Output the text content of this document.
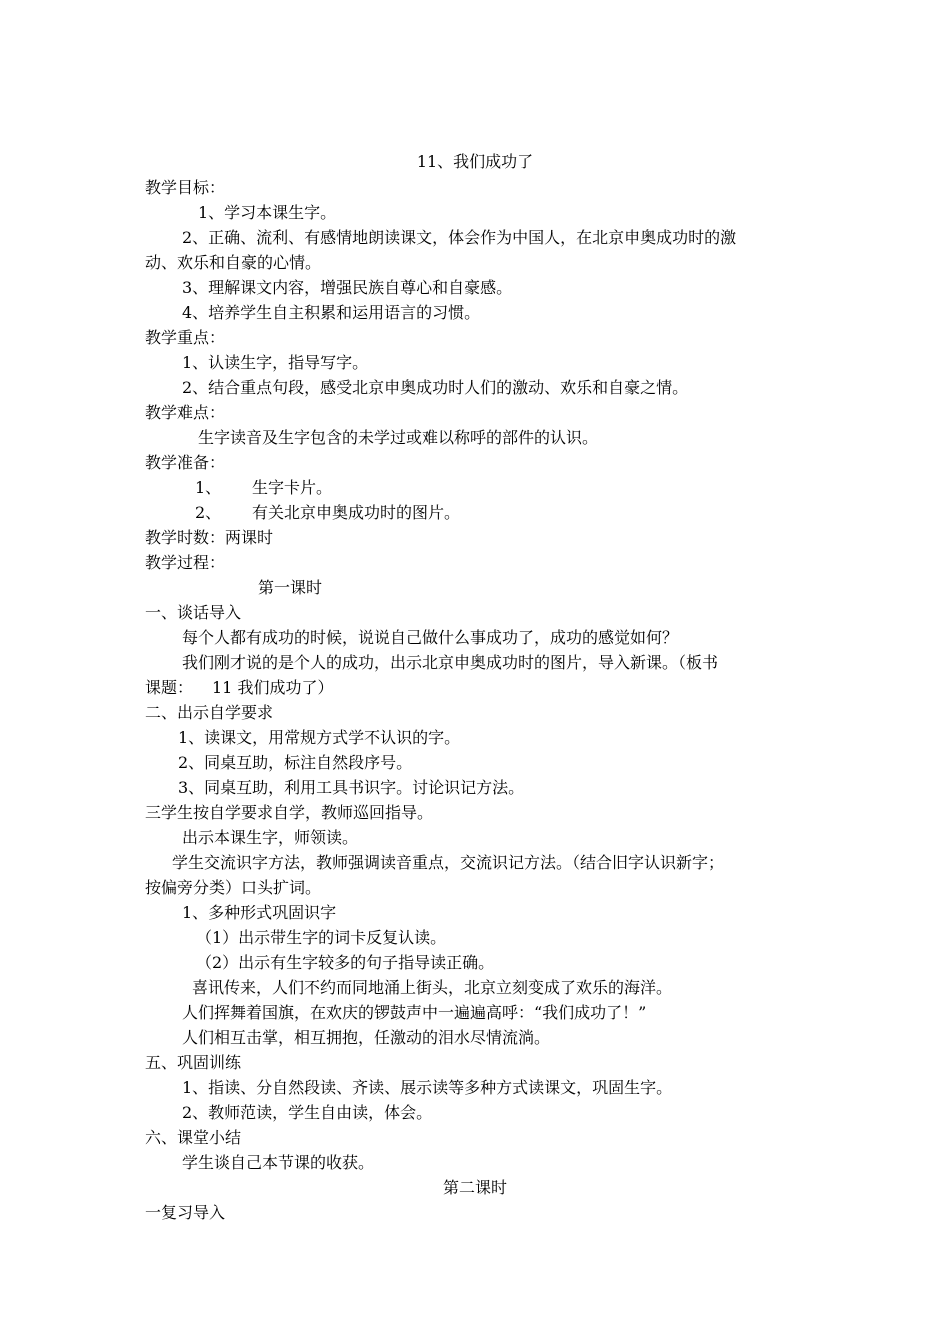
11、我们成功了
教学目标：
1、学习本课生字。
2、正确、流利、有感情地朗读课文，体会作为中国人，在北京申奥成功时的激
动、欢乐和自豪的心情。
3、理解课文内容，增强民族自尊心和自豪感。
4、培养学生自主积累和运用语言的习惯。
教学重点：
1、认读生字，指导写字。
2、结合重点句段，感受北京申奥成功时人们的激动、欢乐和自豪之情。
教学难点：
生字读音及生字包含的未学过或难以称呼的部件的认识。
教学准备：
1、 生字卡片。
2、 有关北京申奥成功时的图片。
教学时数：两课时
教学过程：
第一课时
一、谈话导入
每个人都有成功的时候，说说自己做什么事成功了，成功的感觉如何？
我们刚才说的是个人的成功，出示北京申奥成功时的图片，导入新课。（板书
课题： 11 我们成功了）
二、出示自学要求
1、读课文，用常规方式学不认识的字。
2、同桌互助，标注自然段序号。
3、同桌互助，利用工具书识字。讨论识记方法。
三学生按自学要求自学，教师巡回指导。
出示本课生字，师领读。
学生交流识字方法，教师强调读音重点，交流识记方法。（结合旧字认识新字；
按偏旁分类）口头扩词。
1、多种形式巩固识字
（1）出示带生字的词卡反复认读。
（2）出示有生字较多的句子指导读正确。
喜讯传来，人们不约而同地涌上街头，北京立刻变成了欢乐的海洋。
人们挥舞着国旗，在欢庆的锣鼓声中一遍遍高呼：“我们成功了！”
人们相互击掌，相互拥抱，任激动的泪水尽情流淌。
五、巩固训练
1、指读、分自然段读、齐读、展示读等多种方式读课文，巩固生字。
2、教师范读，学生自由读，体会。
六、课堂小结
学生谈自己本节课的收获。
第二课时
一复习导入
